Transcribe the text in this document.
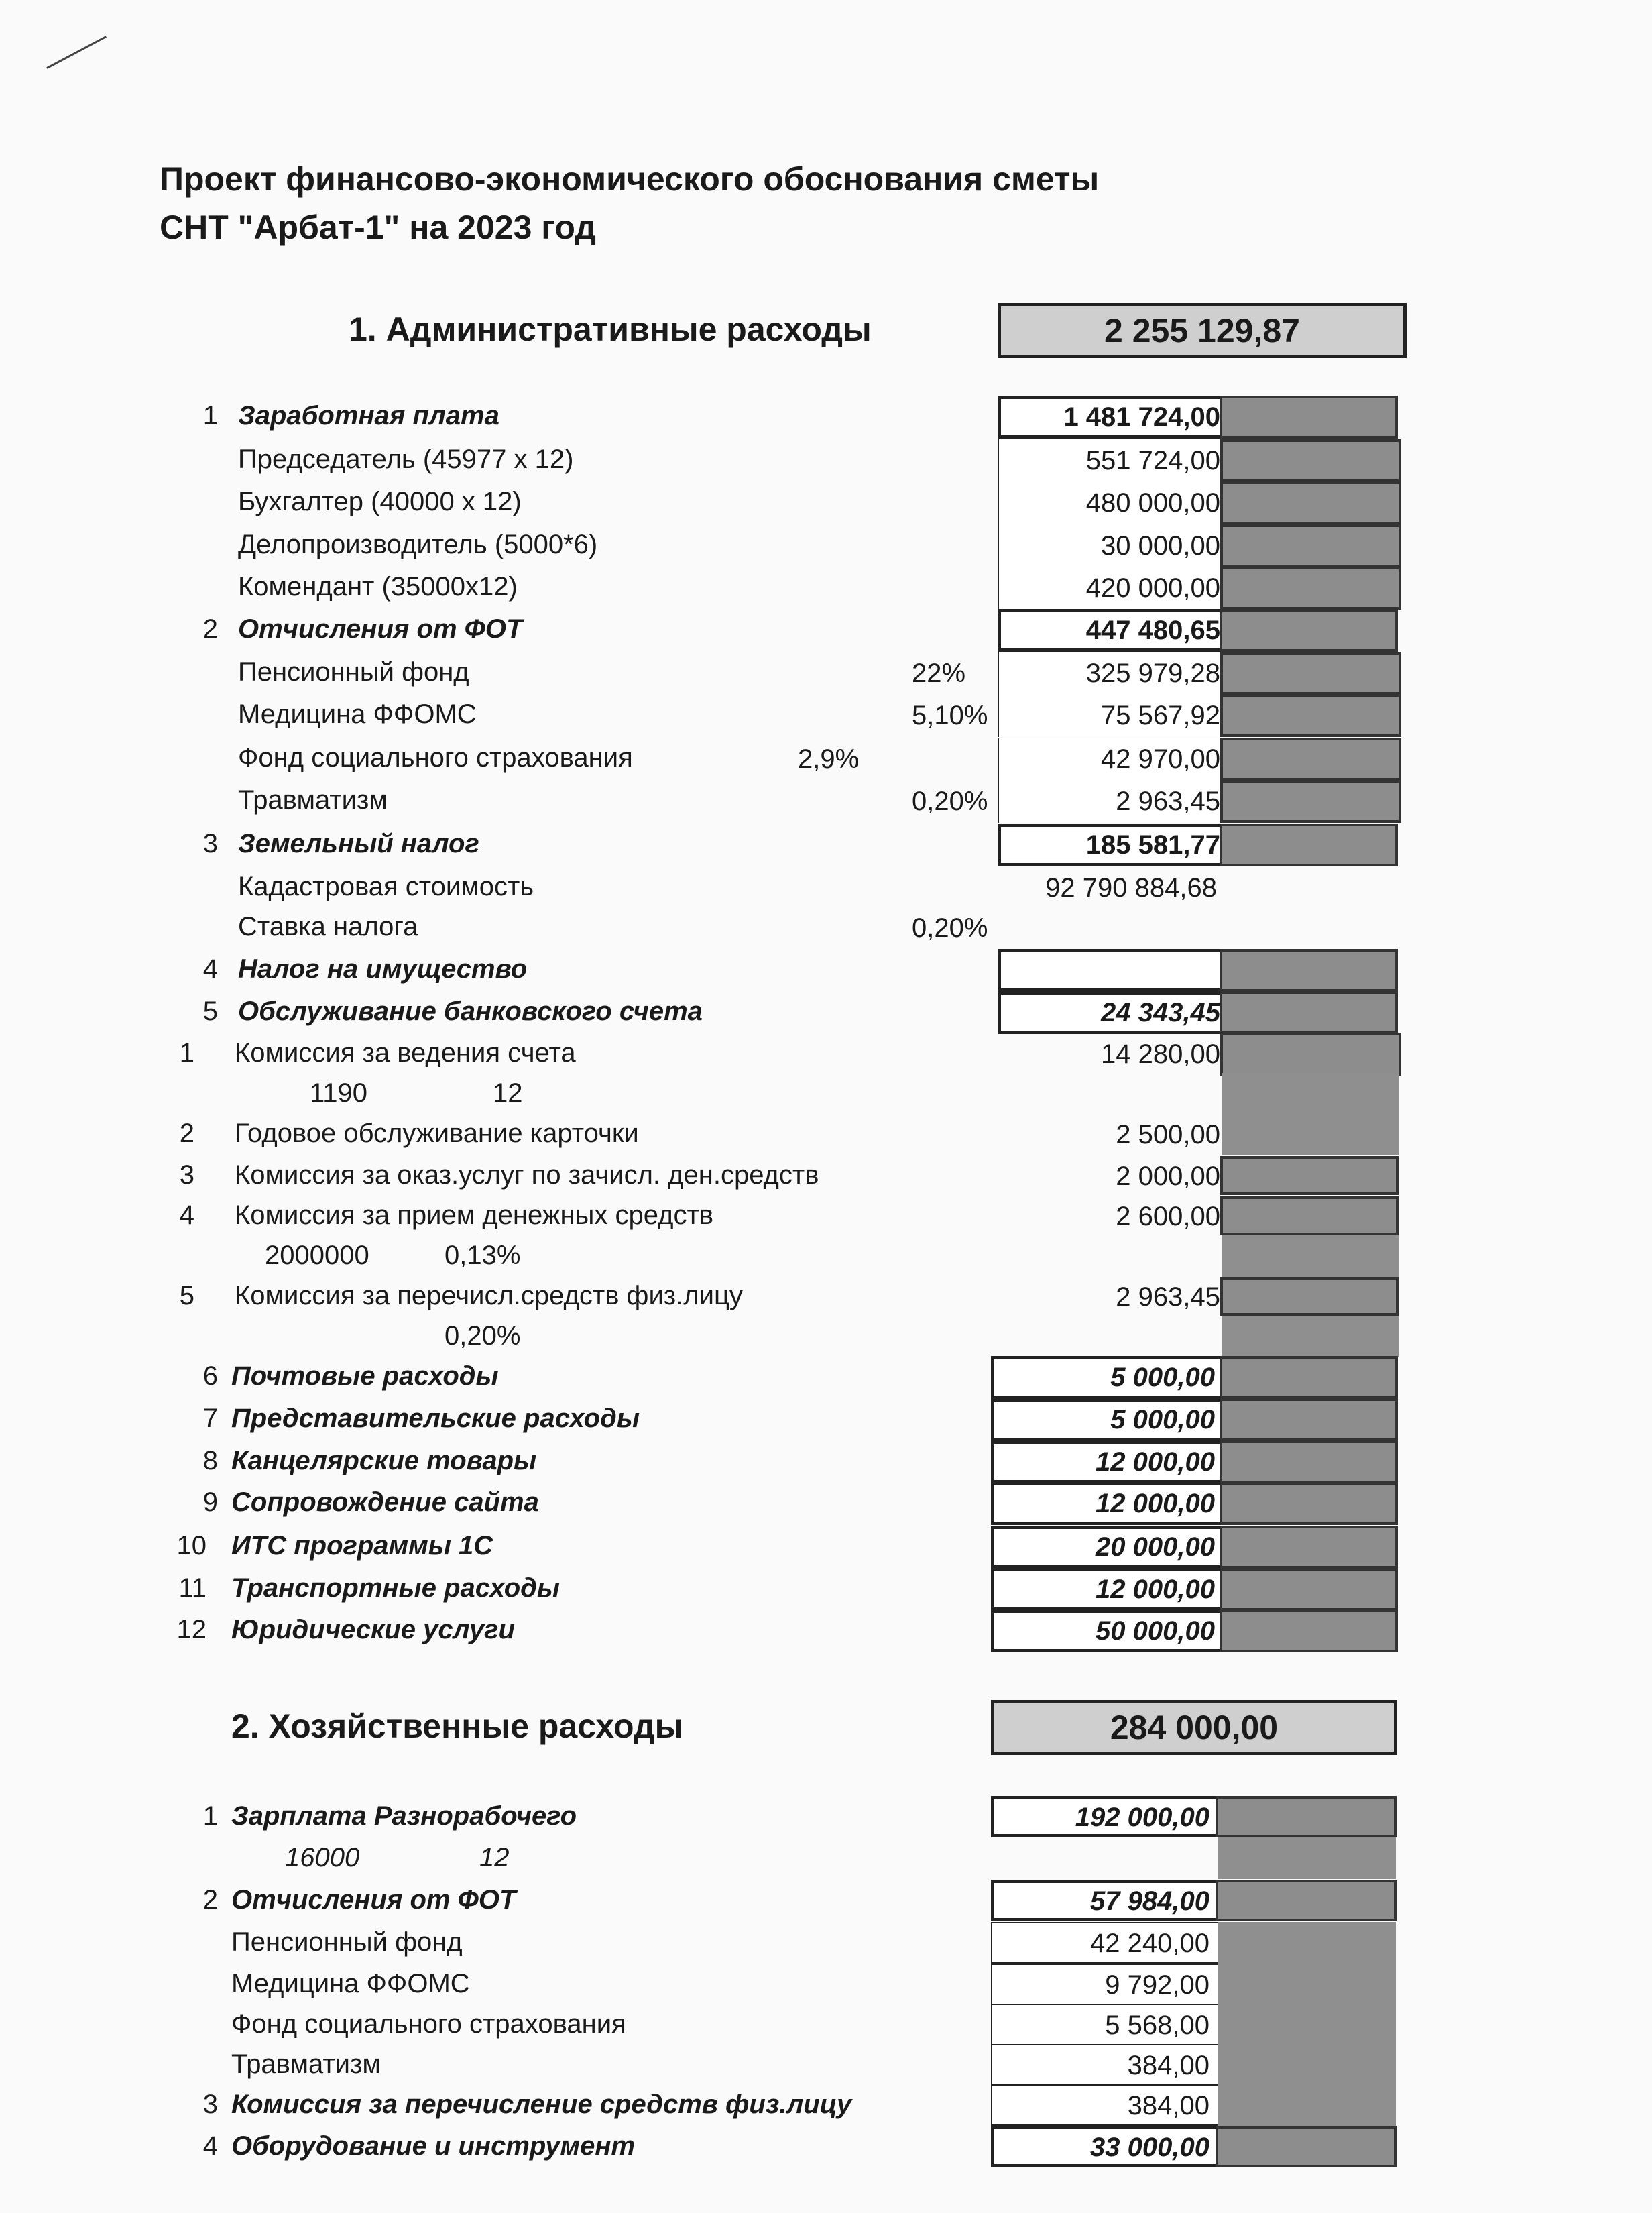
Проект финансово-экономического обоснования сметы
СНТ "Арбат-1" на 2023 год
1. Административные расходы	2 255 129,87
1 Заработная плата	1 481 724,00
Председатель (45977 х 12)	551 724,00
Бухгалтер (40000 х 12)	480 000,00
Делопроизводитель (5000*6)	30 000,00
Комендант (35000х12)	420 000,00
2 Отчисления от ФОТ	447 480,65
Пенсионный фонд	22%	325 979,28
Медицина ФФОМС	5,10%	75 567,92
Фонд социального страхования	2,9%	42 970,00
Травматизм	0,20%	2 963,45
3 Земельный налог	185 581,77
Кадастровая стоимость	92 790 884,68
Ставка налога	0,20%
4 Налог на имущество
5 Обслуживание банковского счета	24 343,45
1 Комиссия за ведения счета	14 280,00
1190	12
2 Годовое обслуживание карточки	2 500,00
3 Комиссия за оказ.услуг по зачисл. ден.средств	2 000,00
4 Комиссия за прием денежных средств	2 600,00
2000000	0,13%
5 Комиссия за перечисл.средств физ.лицу	2 963,45
0,20%
6 Почтовые расходы	5 000,00
7 Представительские расходы	5 000,00
8 Канцелярские товары	12 000,00
9 Сопровождение сайта	12 000,00
10 ИТС программы 1С	20 000,00
11 Транспортные расходы	12 000,00
12 Юридические услуги	50 000,00
2. Хозяйственные расходы	284 000,00
1 Зарплата Разнорабочего	192 000,00
16000	12
2 Отчисления от ФОТ	57 984,00
Пенсионный фонд	42 240,00
Медицина ФФОМС	9 792,00
Фонд социального страхования	5 568,00
Травматизм	384,00
3 Комиссия за перечисление средств физ.лицу	384,00
4 Оборудование и инструмент	33 000,00
